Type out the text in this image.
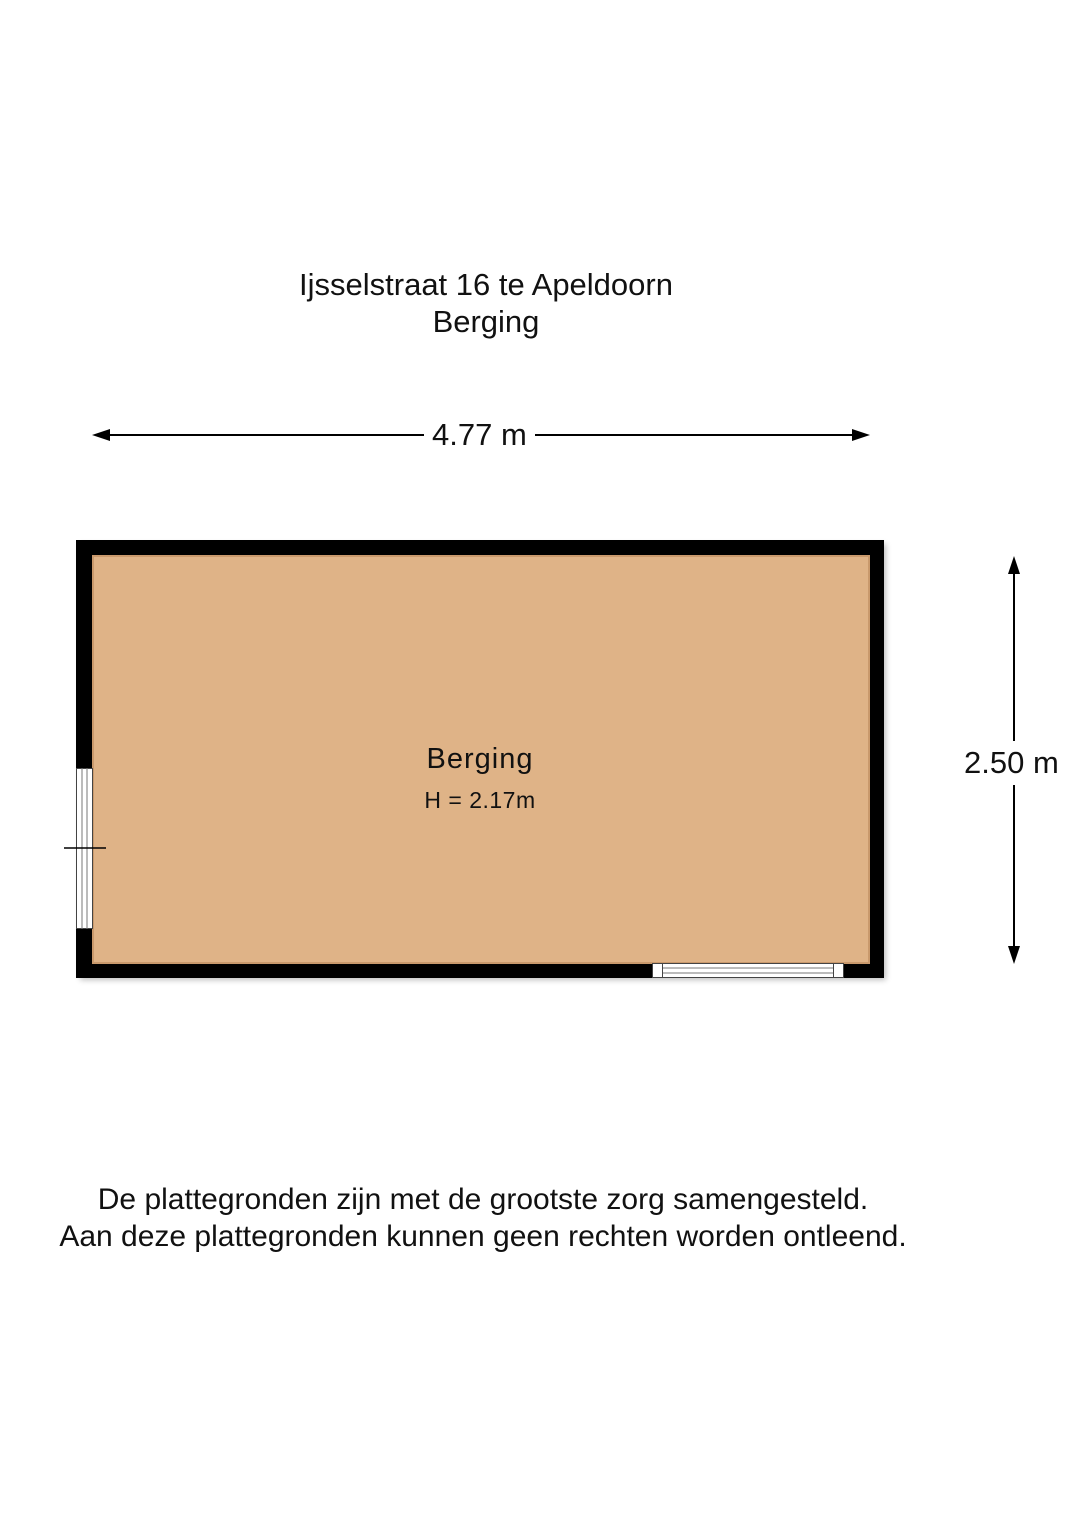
Ijsselstraat 16 te Apeldoorn
Berging
4.77 m
2.50 m
Berging
H = 2.17m
De plattegronden zijn met de grootste zorg samengesteld.
Aan deze plattegronden kunnen geen rechten worden ontleend.
